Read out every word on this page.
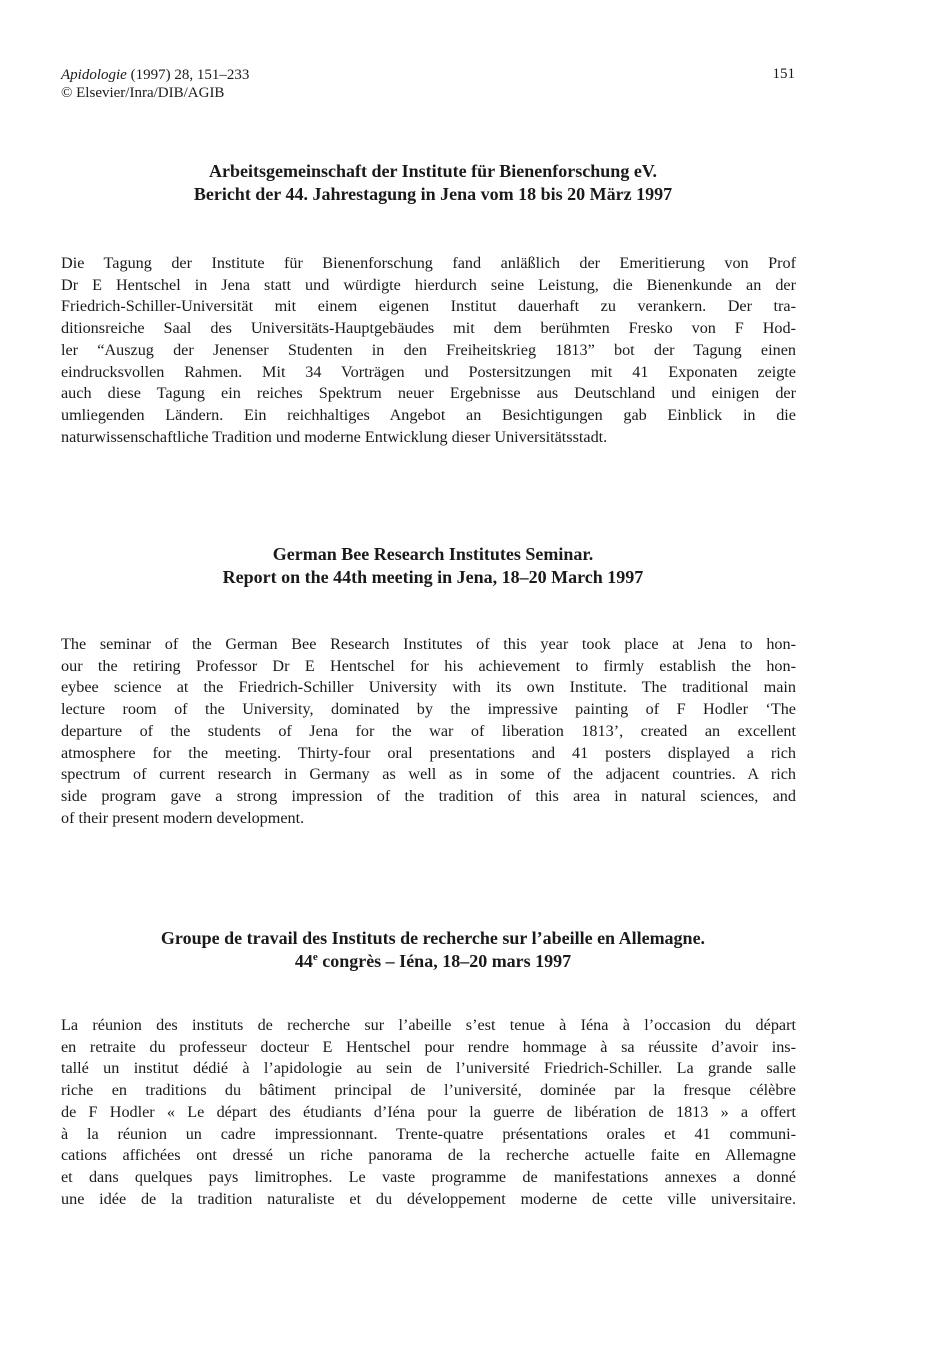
Apidologie (1997) 28, 151–233
© Elsevier/Inra/DIB/AGIB
151
Arbeitsgemeinschaft der Institute für Bienenforschung eV.
Bericht der 44. Jahrestagung in Jena vom 18 bis 20 März 1997
Die Tagung der Institute für Bienenforschung fand anläßlich der Emeritierung von Prof
Dr E Hentschel in Jena statt und würdigte hierdurch seine Leistung, die Bienenkunde an der
Friedrich-Schiller-Universität mit einem eigenen Institut dauerhaft zu verankern. Der tra-
ditionsreiche Saal des Universitäts-Hauptgebäudes mit dem berühmten Fresko von F Hod-
ler “Auszug der Jenenser Studenten in den Freiheitskrieg 1813” bot der Tagung einen
eindrucksvollen Rahmen. Mit 34 Vorträgen und Postersitzungen mit 41 Exponaten zeigte
auch diese Tagung ein reiches Spektrum neuer Ergebnisse aus Deutschland und einigen der
umliegenden Ländern. Ein reichhaltiges Angebot an Besichtigungen gab Einblick in die
naturwissenschaftliche Tradition und moderne Entwicklung dieser Universitätsstadt.
German Bee Research Institutes Seminar.
Report on the 44th meeting in Jena, 18–20 March 1997
The seminar of the German Bee Research Institutes of this year took place at Jena to hon-
our the retiring Professor Dr E Hentschel for his achievement to firmly establish the hon-
eybee science at the Friedrich-Schiller University with its own Institute. The traditional main
lecture room of the University, dominated by the impressive painting of F Hodler ‘The
departure of the students of Jena for the war of liberation 1813’, created an excellent
atmosphere for the meeting. Thirty-four oral presentations and 41 posters displayed a rich
spectrum of current research in Germany as well as in some of the adjacent countries. A rich
side program gave a strong impression of the tradition of this area in natural sciences, and
of their present modern development.
Groupe de travail des Instituts de recherche sur l’abeille en Allemagne.
44e congrès – Iéna, 18–20 mars 1997
La réunion des instituts de recherche sur l’abeille s’est tenue à Iéna à l’occasion du départ
en retraite du professeur docteur E Hentschel pour rendre hommage à sa réussite d’avoir ins-
tallé un institut dédié à l’apidologie au sein de l’université Friedrich-Schiller. La grande salle
riche en traditions du bâtiment principal de l’université, dominée par la fresque célèbre
de F Hodler « Le départ des étudiants d’Iéna pour la guerre de libération de 1813 » a offert
à la réunion un cadre impressionnant. Trente-quatre présentations orales et 41 communi-
cations affichées ont dressé un riche panorama de la recherche actuelle faite en Allemagne
et dans quelques pays limitrophes. Le vaste programme de manifestations annexes a donné
une idée de la tradition naturaliste et du développement moderne de cette ville universitaire.
